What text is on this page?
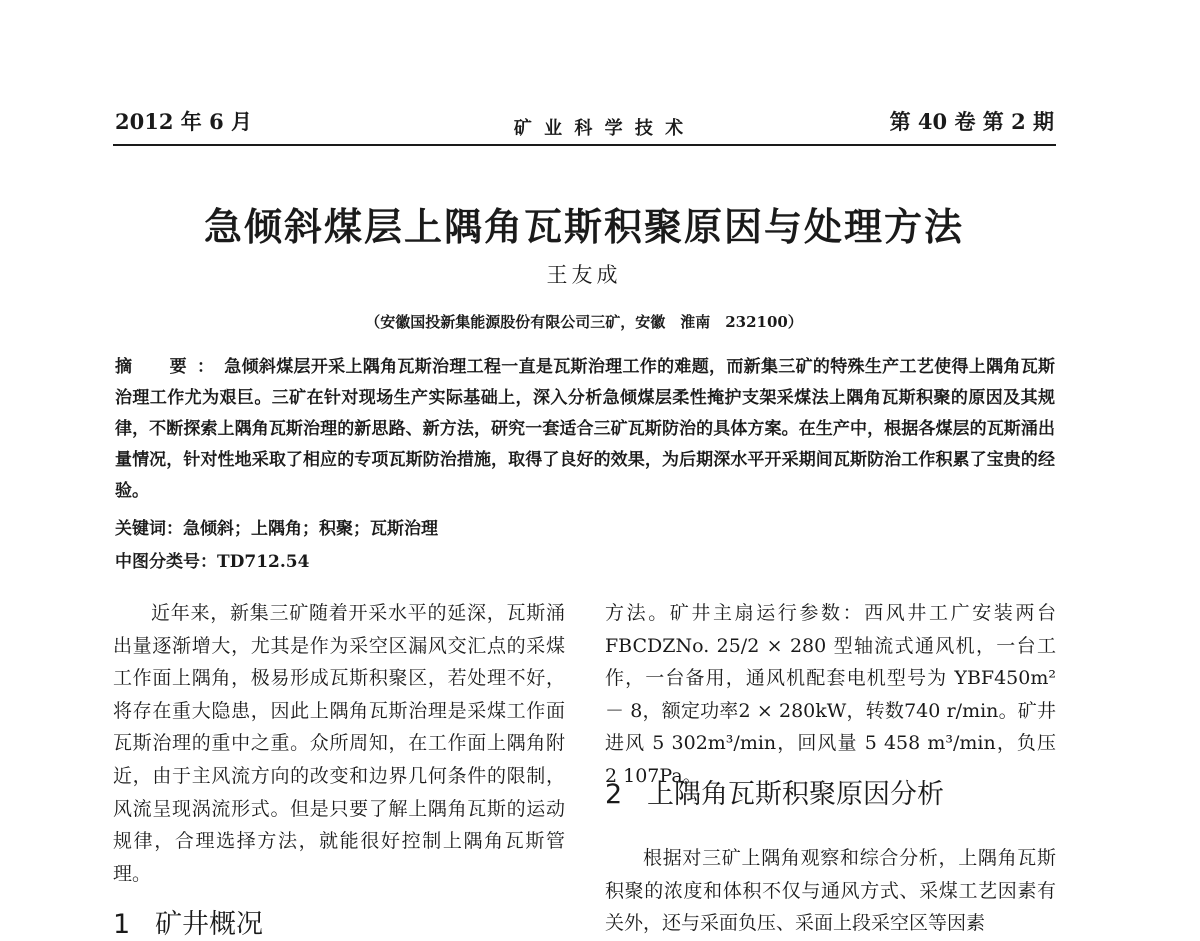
2012 年 6 月	矿 业 科 学 技 术	第 40 卷 第 2 期
急倾斜煤层上隅角瓦斯积聚原因与处理方法
王友成
（安徽国投新集能源股份有限公司三矿，安徽　淮南　232100）
摘　要：急倾斜煤层开采上隅角瓦斯治理工程一直是瓦斯治理工作的难题，而新集三矿的特殊生产工艺使得上隅角瓦斯治理工作尤为艰巨。三矿在针对现场生产实际基础上，深入分析急倾煤层柔性掩护支架采煤法上隅角瓦斯积聚的原因及其规律，不断探索上隅角瓦斯治理的新思路、新方法，研究一套适合三矿瓦斯防治的具体方案。在生产中，根据各煤层的瓦斯涌出量情况，针对性地采取了相应的专项瓦斯防治措施，取得了良好的效果，为后期深水平开采期间瓦斯防治工作积累了宝贵的经验。
关键词：急倾斜；上隅角；积聚；瓦斯治理
中图分类号：TD712.54

近年来，新集三矿随着开采水平的延深，瓦斯涌出量逐渐增大，尤其是作为采空区漏风交汇点的采煤工作面上隅角，极易形成瓦斯积聚区，若处理不好，将存在重大隐患，因此上隅角瓦斯治理是采煤工作面瓦斯治理的重中之重。众所周知，在工作面上隅角附近，由于主风流方向的改变和边界几何条件的限制，风流呈现涡流形式。但是只要了解上隅角瓦斯的运动规律，合理选择方法，就能很好控制上隅角瓦斯管理。

方法。矿井主扇运行参数：西风井工广安装两台 FBCDZNo. 25/2 × 280 型轴流式通风机，一台工作，一台备用，通风机配套电机型号为 YBF450m² － 8，额定功率2 × 280kW，转数740 r/min。矿井进风 5 302m³/min，回风量 5 458 m³/min，负压 2 107Pa。

2 上隅角瓦斯积聚原因分析

根据对三矿上隅角观察和综合分析，上隅角瓦斯积聚的浓度和体积不仅与通风方式、采煤工艺因素有关外，还与采面负压、采面上段采空区等因素

1 矿井概况
